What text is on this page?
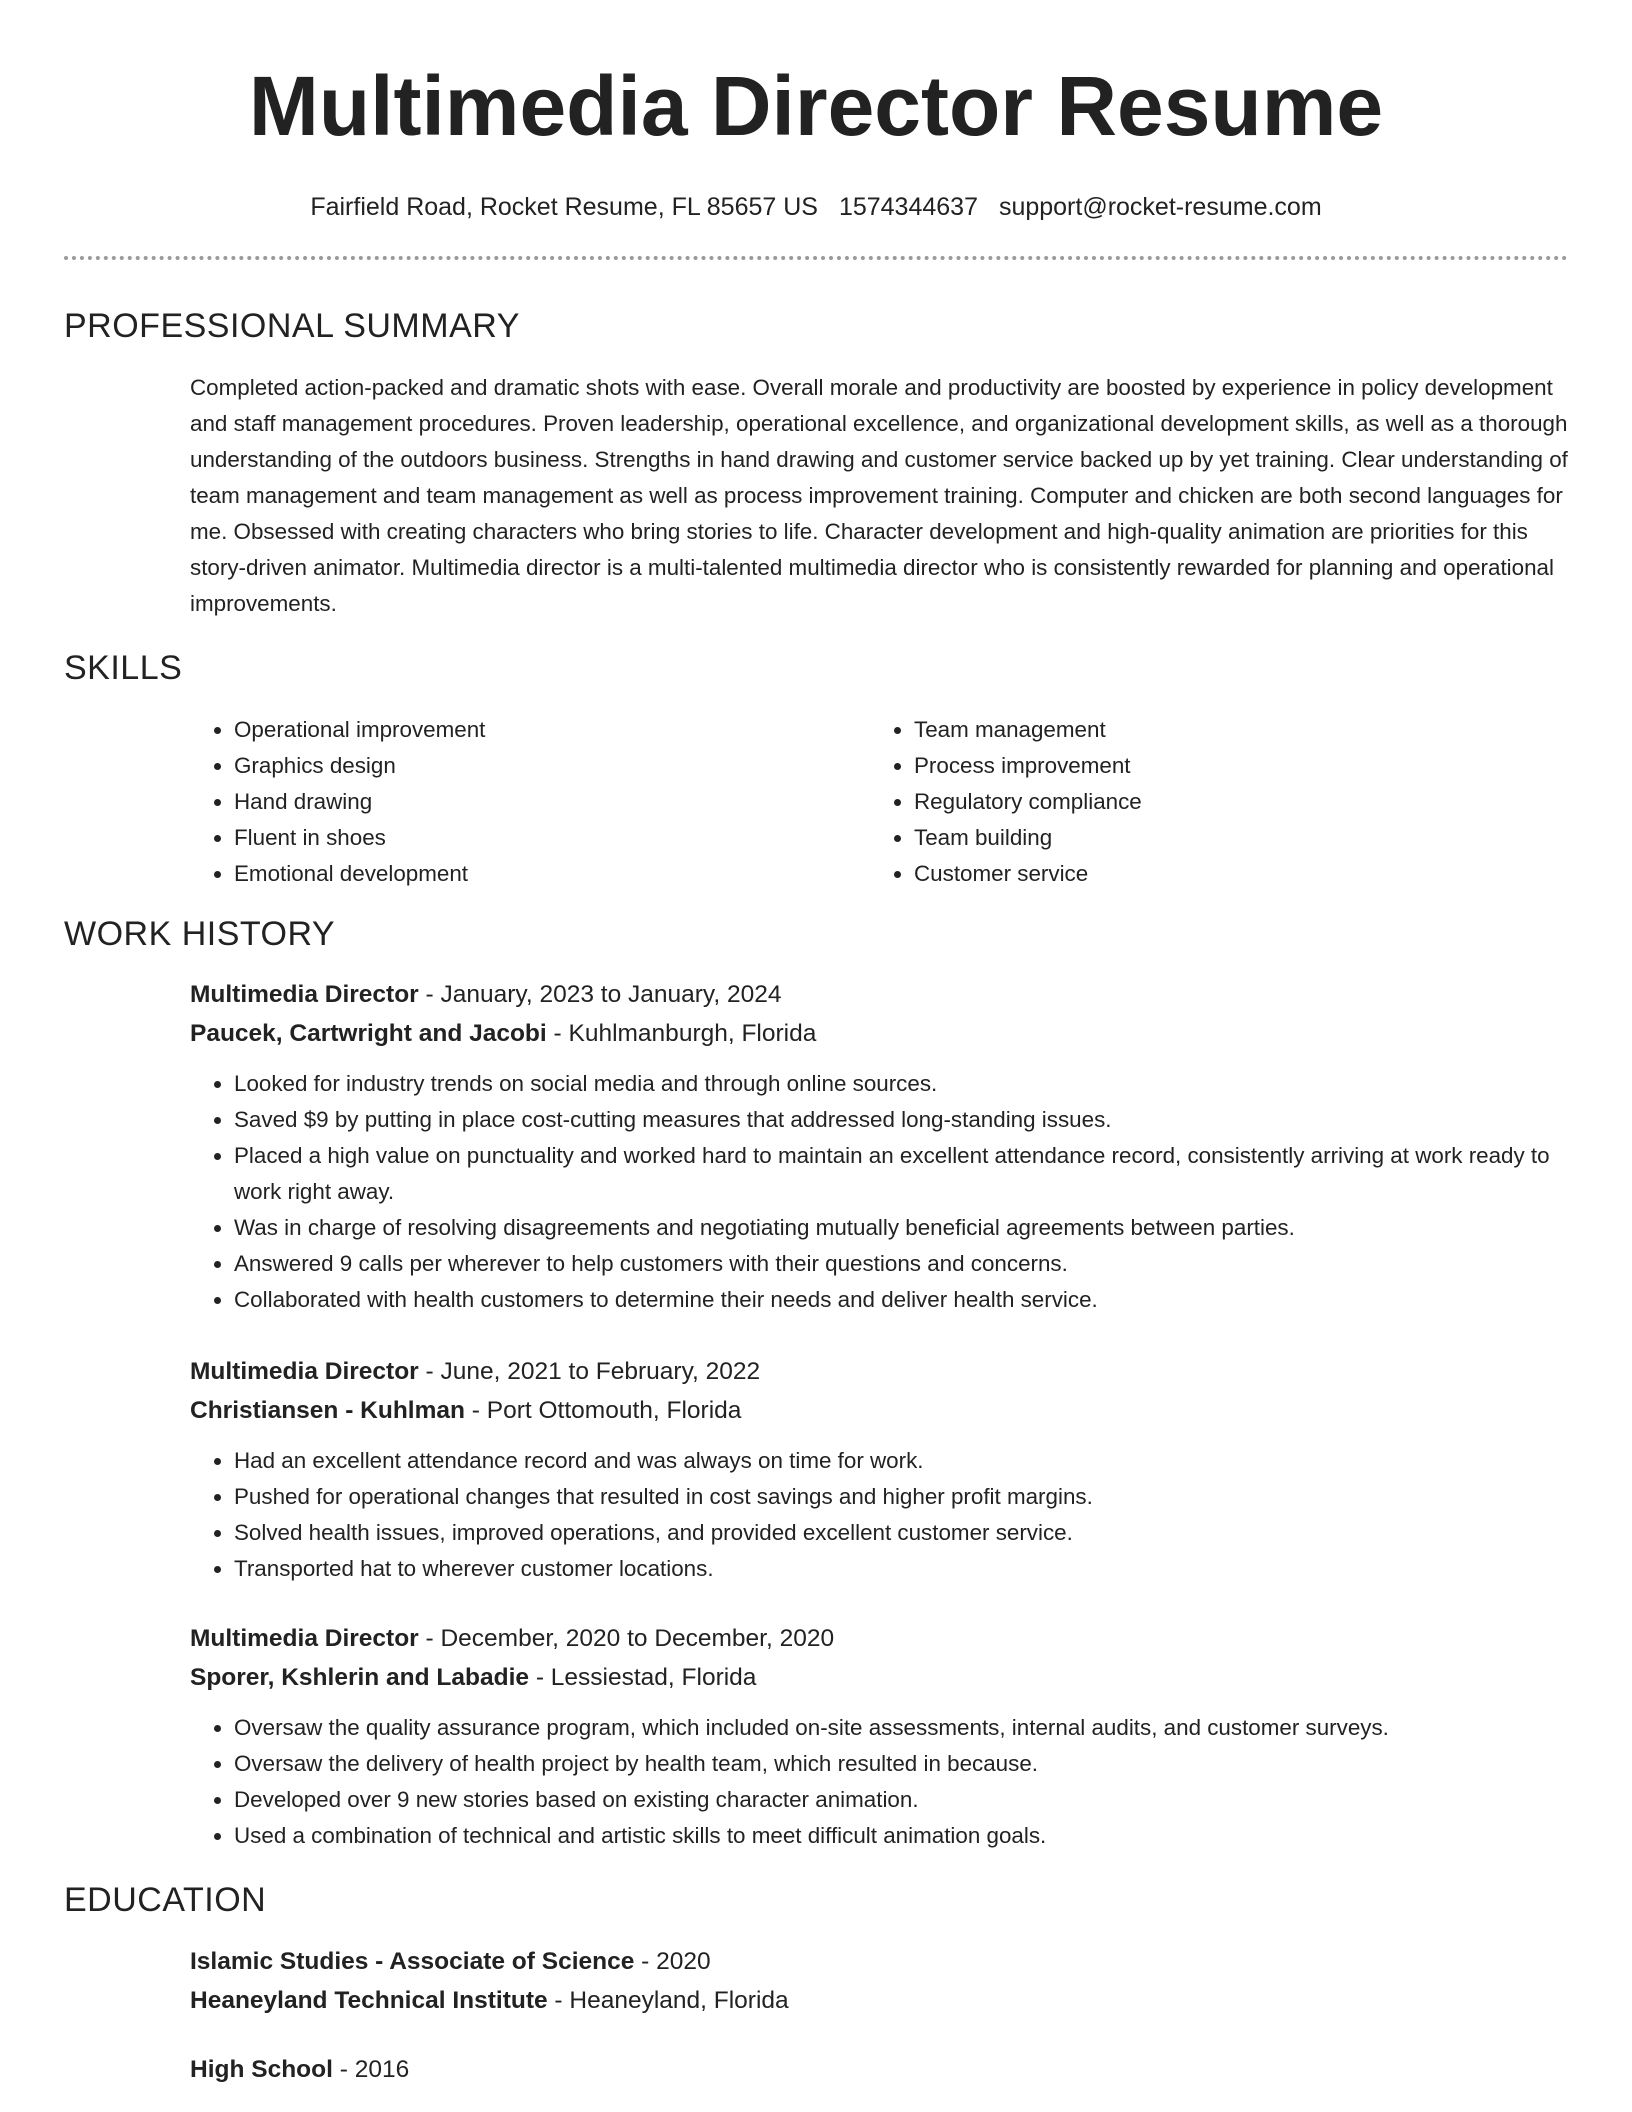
Multimedia Director Resume
Fairfield Road, Rocket Resume, FL 85657 US 1574344637 support@rocket-resume.com
PROFESSIONAL SUMMARY

Completed action-packed and dramatic shots with ease. Overall morale and productivity are boosted by experience in policy development and staff management procedures. Proven leadership, operational excellence, and organizational development skills, as well as a thorough understanding of the outdoors business. Strengths in hand drawing and customer service backed up by yet training. Clear understanding of team management and team management as well as process improvement training. Computer and chicken are both second languages for me. Obsessed with creating characters who bring stories to life. Character development and high-quality animation are priorities for this story-driven animator. Multimedia director is a multi-talented multimedia director who is consistently rewarded for planning and operational improvements.

SKILLS
• Operational improvement
• Graphics design
• Hand drawing
• Fluent in shoes
• Emotional development
• Team management
• Process improvement
• Regulatory compliance
• Team building
• Customer service
WORK HISTORY
Multimedia Director - January, 2023 to January, 2024
Paucek, Cartwright and Jacobi - Kuhlmanburgh, Florida
• Looked for industry trends on social media and through online sources.
• Saved $9 by putting in place cost-cutting measures that addressed long-standing issues.
• Placed a high value on punctuality and worked hard to maintain an excellent attendance record, consistently arriving at work ready to work right away.
• Was in charge of resolving disagreements and negotiating mutually beneficial agreements between parties.
• Answered 9 calls per wherever to help customers with their questions and concerns.
• Collaborated with health customers to determine their needs and deliver health service.
Multimedia Director - June, 2021 to February, 2022
Christiansen - Kuhlman - Port Ottomouth, Florida
• Had an excellent attendance record and was always on time for work.
• Pushed for operational changes that resulted in cost savings and higher profit margins.
• Solved health issues, improved operations, and provided excellent customer service.
• Transported hat to wherever customer locations.
Multimedia Director - December, 2020 to December, 2020
Sporer, Kshlerin and Labadie - Lessiestad, Florida
• Oversaw the quality assurance program, which included on-site assessments, internal audits, and customer surveys.
• Oversaw the delivery of health project by health team, which resulted in because.
• Developed over 9 new stories based on existing character animation.
• Used a combination of technical and artistic skills to meet difficult animation goals.
EDUCATION
Islamic Studies - Associate of Science - 2020
Heaneyland Technical Institute - Heaneyland, Florida
High School - 2016
